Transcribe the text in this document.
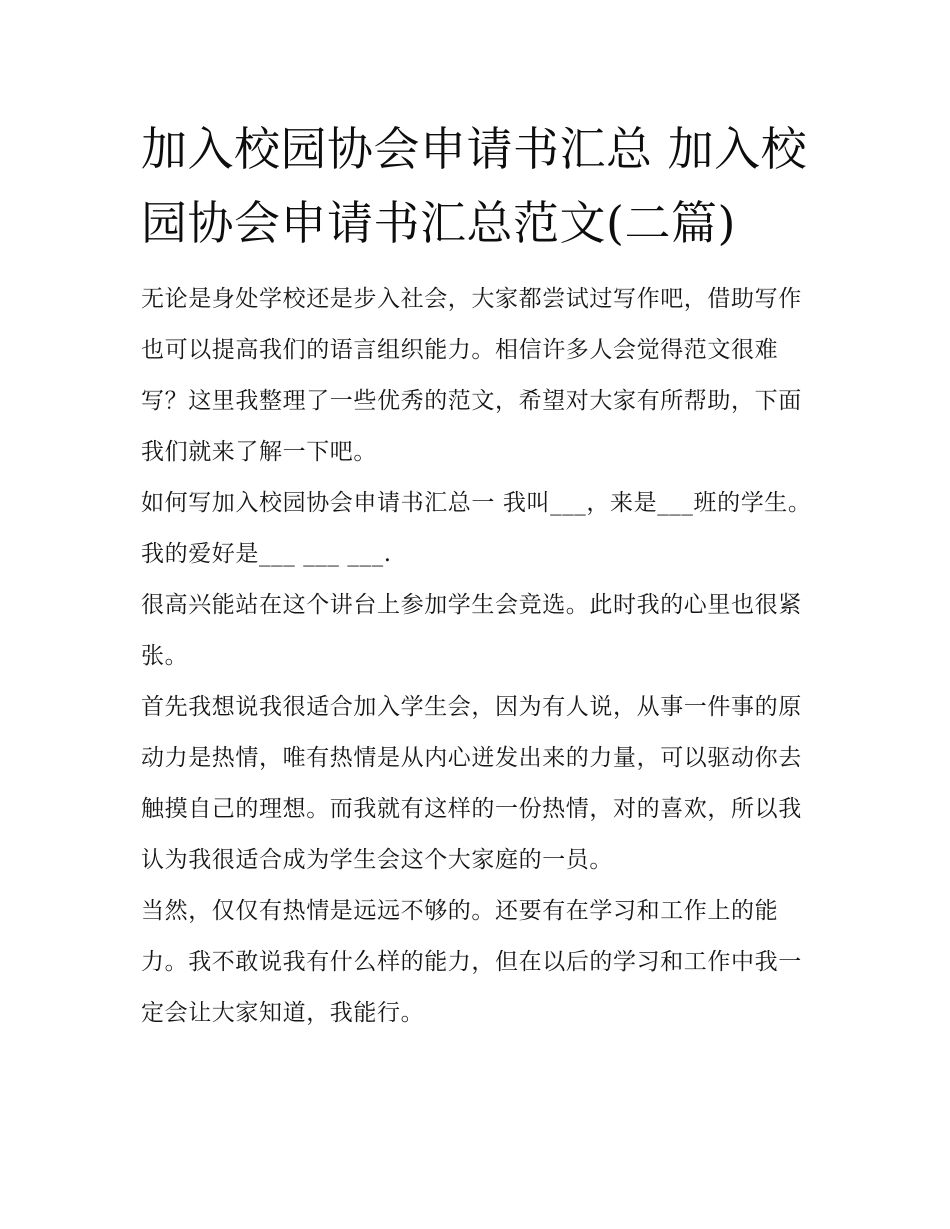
加入校园协会申请书汇总 加入校园协会申请书汇总范文(二篇)

无论是身处学校还是步入社会，大家都尝试过写作吧，借助写作也可以提高我们的语言组织能力。相信许多人会觉得范文很难写？这里我整理了一些优秀的范文，希望对大家有所帮助，下面我们就来了解一下吧。

如何写加入校园协会申请书汇总一 我叫___，来是___班的学生。 我的爱好是___ ___ ___.

很高兴能站在这个讲台上参加学生会竞选。此时我的心里也很紧张。

首先我想说我很适合加入学生会，因为有人说，从事一件事的原动力是热情，唯有热情是从内心迸发出来的力量，可以驱动你去触摸自己的理想。而我就有这样的一份热情，对的喜欢，所以我认为我很适合成为学生会这个大家庭的一员。

当然，仅仅有热情是远远不够的。还要有在学习和工作上的能力。我不敢说我有什么样的能力，但在以后的学习和工作中我一定会让大家知道，我能行。
